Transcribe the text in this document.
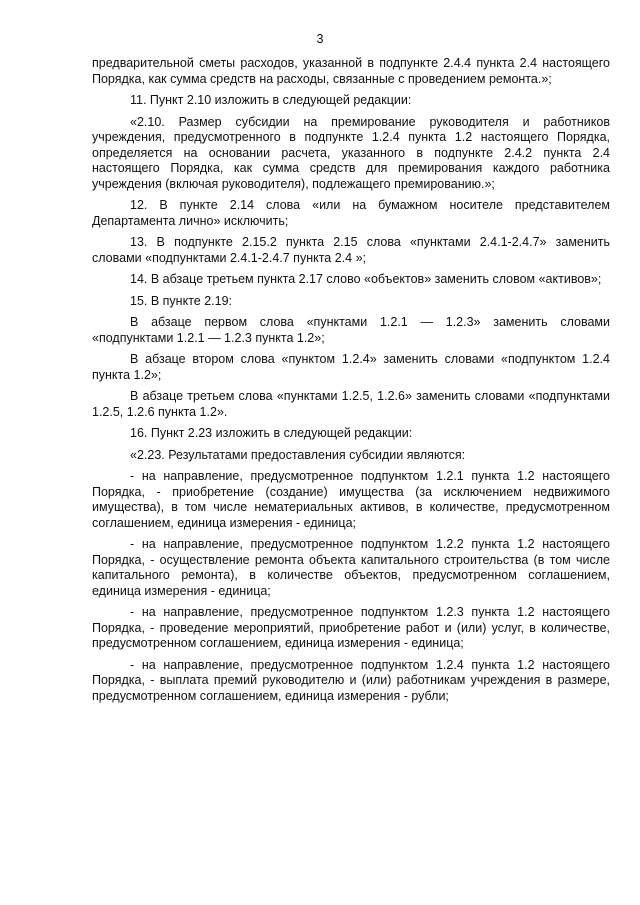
3

предварительной сметы расходов, указанной в подпункте 2.4.4 пункта 2.4 настоящего Порядка, как сумма средств на расходы, связанные с проведением ремонта.»;

11. Пункт 2.10 изложить в следующей редакции:

«2.10. Размер субсидии на премирование руководителя и работников учреждения, предусмотренного в подпункте 1.2.4 пункта 1.2 настоящего Порядка, определяется на основании расчета, указанного в подпункте 2.4.2 пункта 2.4 настоящего Порядка, как сумма средств для премирования каждого работника учреждения (включая руководителя), подлежащего премированию.»;

12. В пункте 2.14 слова «или на бумажном носителе представителем Департамента лично» исключить;

13. В подпункте 2.15.2 пункта 2.15 слова «пунктами 2.4.1-2.4.7» заменить словами «подпунктами 2.4.1-2.4.7 пункта 2.4 »;

14. В абзаце третьем пункта 2.17 слово «объектов» заменить словом «активов»;

15. В пункте 2.19:

В абзаце первом слова «пунктами 1.2.1 — 1.2.3» заменить словами «подпунктами 1.2.1 — 1.2.3 пункта 1.2»;

В абзаце втором слова «пунктом 1.2.4» заменить словами «подпунктом 1.2.4 пункта 1.2»;

В абзаце третьем слова «пунктами 1.2.5, 1.2.6» заменить словами «подпунктами 1.2.5, 1.2.6 пункта 1.2».

16. Пункт 2.23 изложить в следующей редакции:

«2.23. Результатами предоставления субсидии являются:

- на направление, предусмотренное подпунктом 1.2.1 пункта 1.2 настоящего Порядка, - приобретение (создание) имущества (за исключением недвижимого имущества), в том числе нематериальных активов, в количестве, предусмотренном соглашением, единица измерения - единица;

- на направление, предусмотренное подпунктом 1.2.2 пункта 1.2 настоящего Порядка, - осуществление ремонта объекта капитального строительства (в том числе капитального ремонта), в количестве объектов, предусмотренном соглашением, единица измерения - единица;

- на направление, предусмотренное подпунктом 1.2.3 пункта 1.2 настоящего Порядка, - проведение мероприятий, приобретение работ и (или) услуг, в количестве, предусмотренном соглашением, единица измерения - единица;

- на направление, предусмотренное подпунктом 1.2.4 пункта 1.2 настоящего Порядка, - выплата премий руководителю и (или) работникам учреждения в размере, предусмотренном соглашением, единица измерения - рубли;
